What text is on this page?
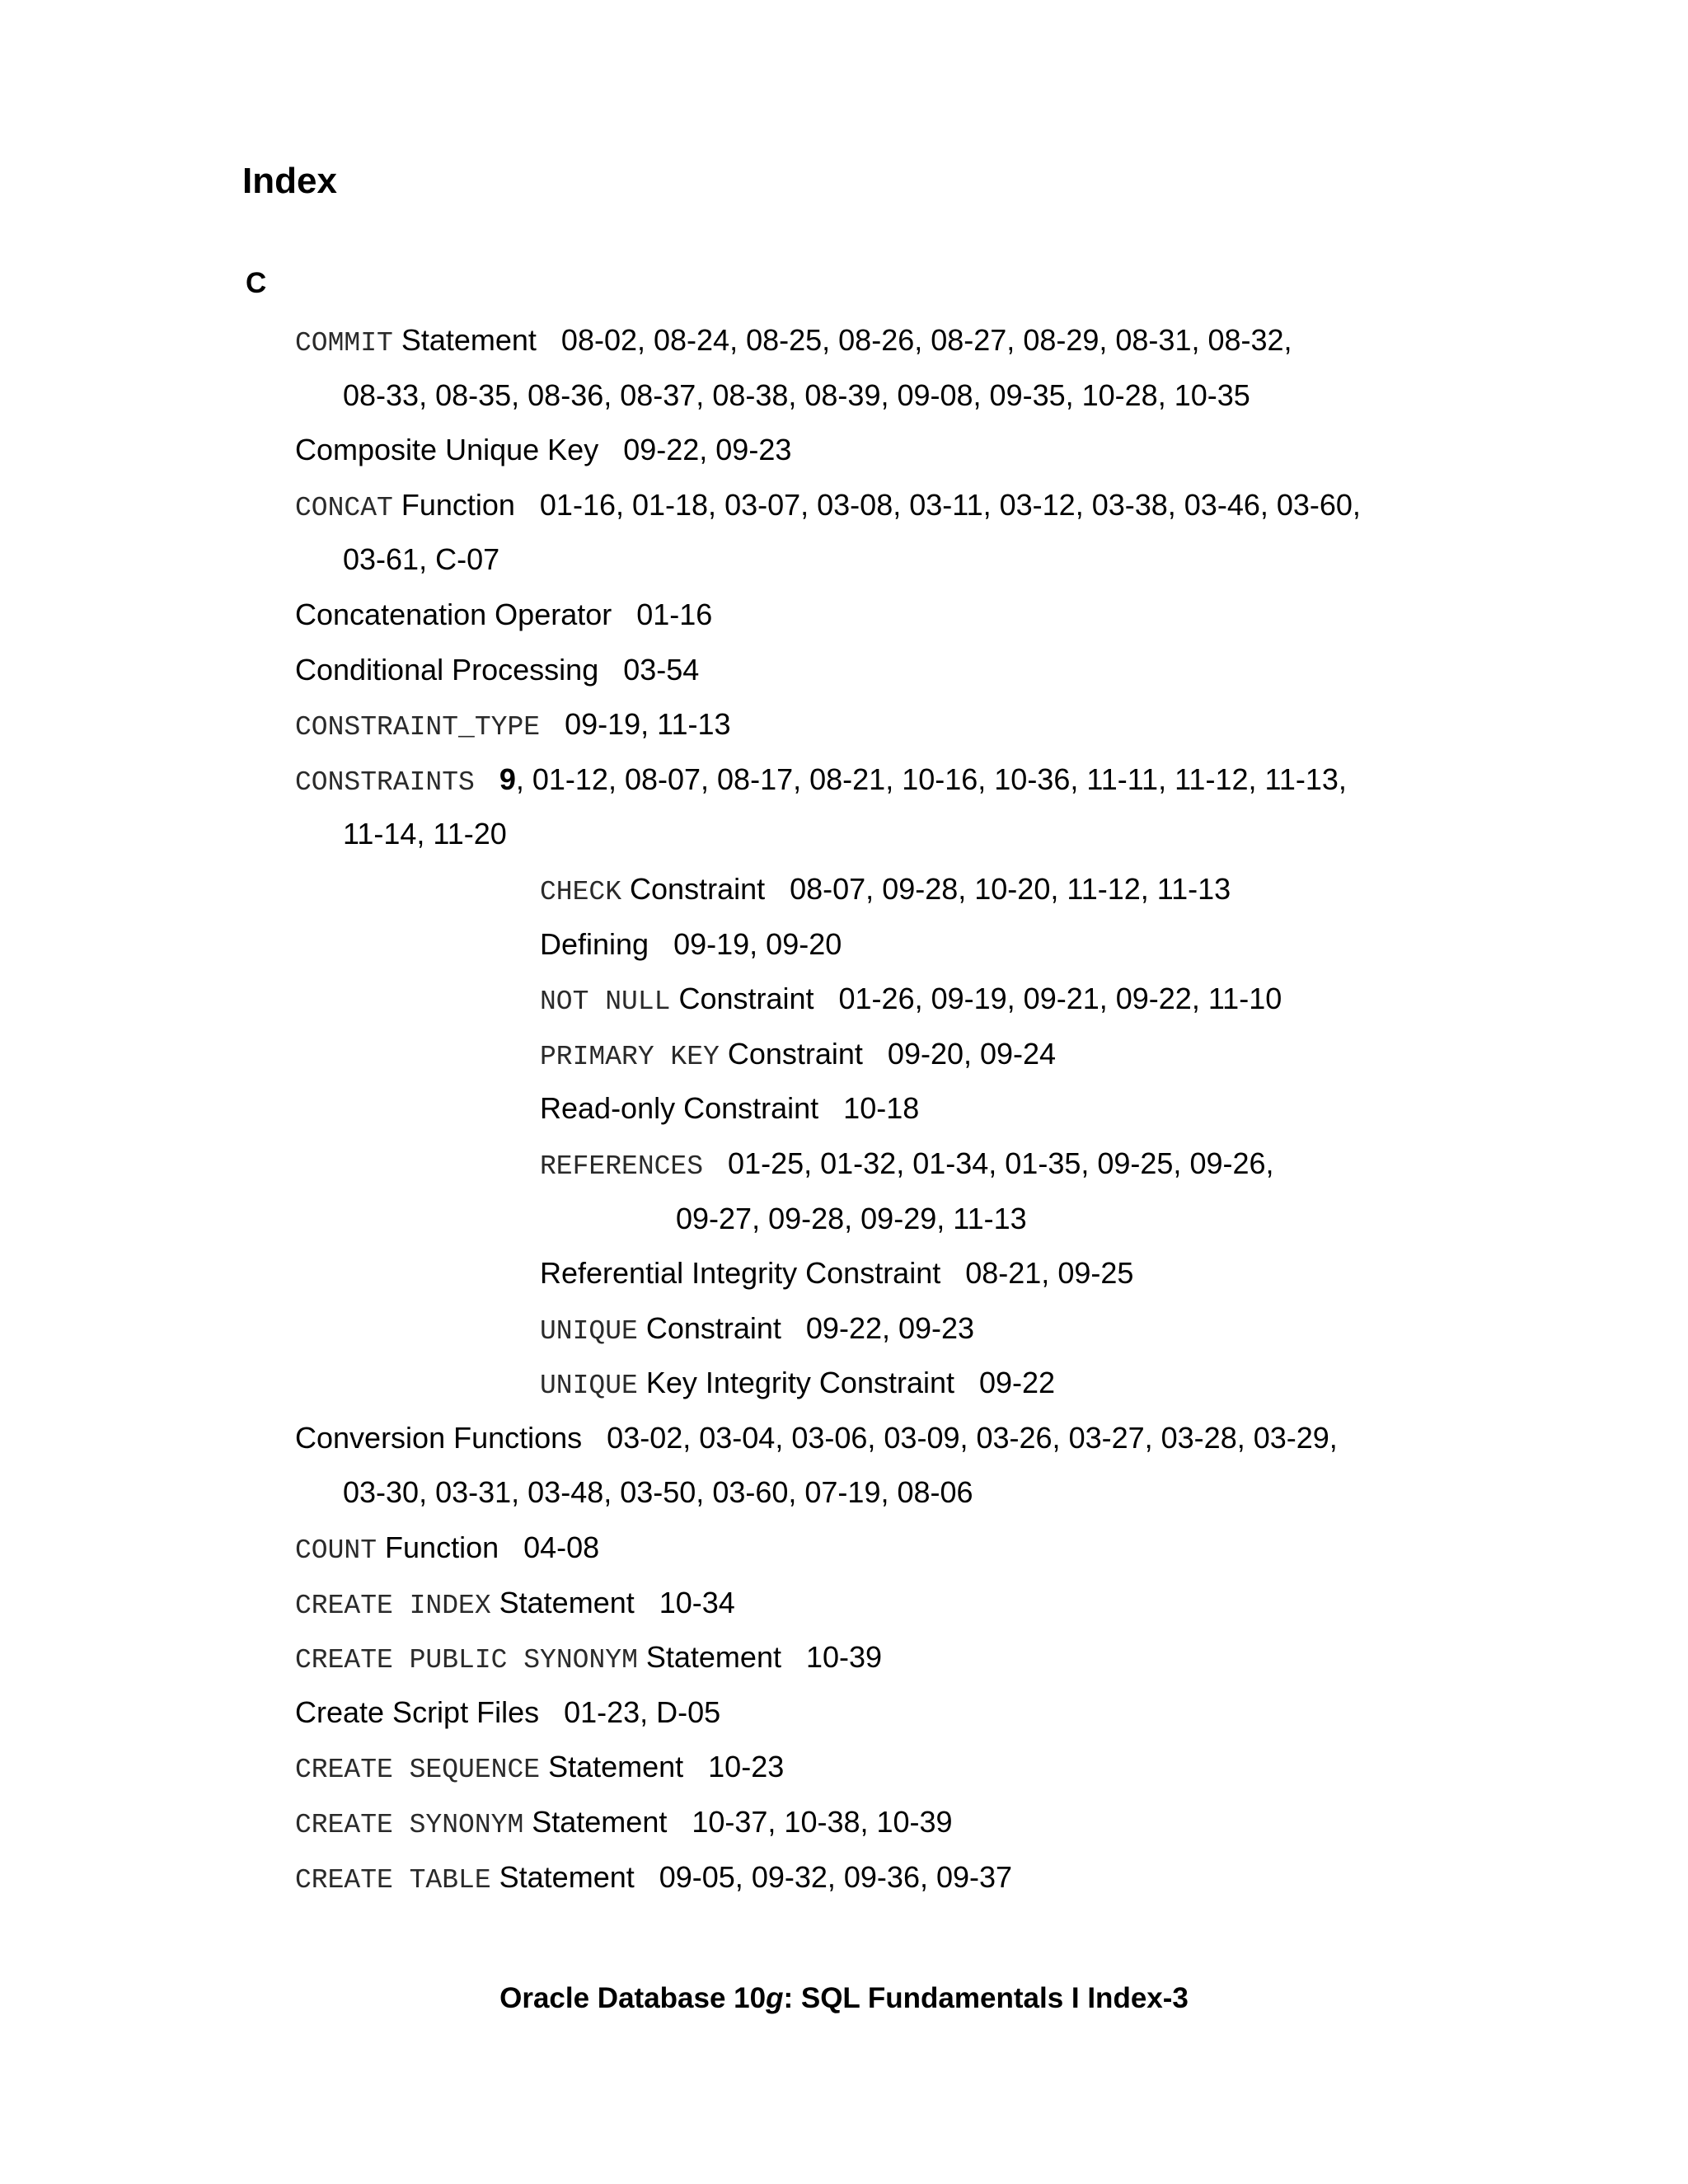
Index
C
COMMIT Statement 08-02, 08-24, 08-25, 08-26, 08-27, 08-29, 08-31, 08-32,
08-33, 08-35, 08-36, 08-37, 08-38, 08-39, 09-08, 09-35, 10-28, 10-35
Composite Unique Key 09-22, 09-23
CONCAT Function 01-16, 01-18, 03-07, 03-08, 03-11, 03-12, 03-38, 03-46, 03-60,
03-61, C-07
Concatenation Operator 01-16
Conditional Processing 03-54
CONSTRAINT_TYPE 09-19, 11-13
CONSTRAINTS 9, 01-12, 08-07, 08-17, 08-21, 10-16, 10-36, 11-11, 11-12, 11-13,
11-14, 11-20
CHECK Constraint 08-07, 09-28, 10-20, 11-12, 11-13
Defining 09-19, 09-20
NOT NULL Constraint 01-26, 09-19, 09-21, 09-22, 11-10
PRIMARY KEY Constraint 09-20, 09-24
Read-only Constraint 10-18
REFERENCES 01-25, 01-32, 01-34, 01-35, 09-25, 09-26,
09-27, 09-28, 09-29, 11-13
Referential Integrity Constraint 08-21, 09-25
UNIQUE Constraint 09-22, 09-23
UNIQUE Key Integrity Constraint 09-22
Conversion Functions 03-02, 03-04, 03-06, 03-09, 03-26, 03-27, 03-28, 03-29,
03-30, 03-31, 03-48, 03-50, 03-60, 07-19, 08-06
COUNT Function 04-08
CREATE INDEX Statement 10-34
CREATE PUBLIC SYNONYM Statement 10-39
Create Script Files 01-23, D-05
CREATE SEQUENCE Statement 10-23
CREATE SYNONYM Statement 10-37, 10-38, 10-39
CREATE TABLE Statement 09-05, 09-32, 09-36, 09-37
Oracle Database 10g: SQL Fundamentals I Index-3
